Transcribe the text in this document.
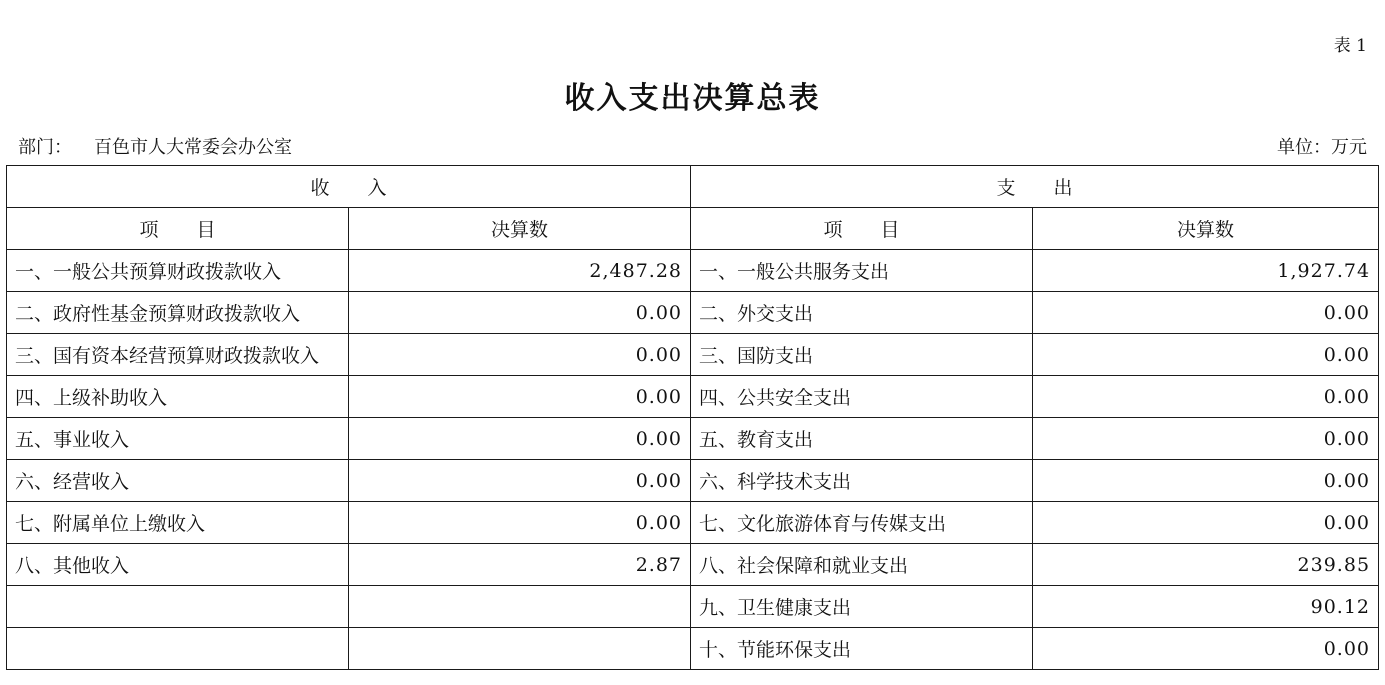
表 1
收入支出决算总表
部门： 百色市人大常委会办公室	单位：万元
收　　入		支　　出	
项　　目	决算数	项　　目	决算数
一、一般公共预算财政拨款收入	2,487.28	一、一般公共服务支出	1,927.74
二、政府性基金预算财政拨款收入	0.00	二、外交支出	0.00
三、国有资本经营预算财政拨款收入	0.00	三、国防支出	0.00
四、上级补助收入	0.00	四、公共安全支出	0.00
五、事业收入	0.00	五、教育支出	0.00
六、经营收入	0.00	六、科学技术支出	0.00
七、附属单位上缴收入	0.00	七、文化旅游体育与传媒支出	0.00
八、其他收入	2.87	八、社会保障和就业支出	239.85
		九、卫生健康支出	90.12
		十、节能环保支出	0.00
